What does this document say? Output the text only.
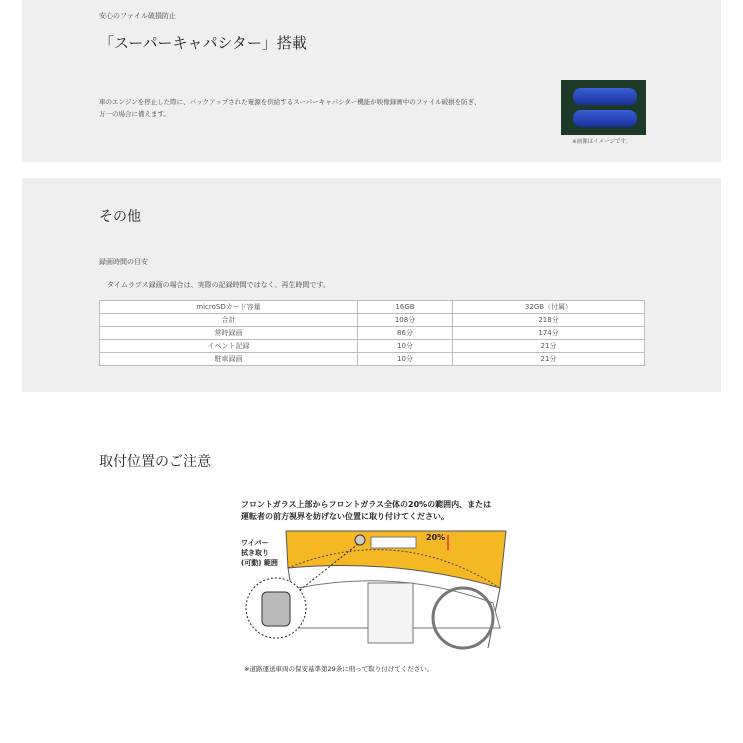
安心のファイル破損防止
「スーパーキャパシター」搭載
車のエンジンを停止した際に、バックアップされた電源を供給するスーパーキャパシター機能が映像録画中のファイル破損を防ぎ、
万一の場合に備えます。
※画像はイメージです。
その他
録画時間の目安
タイムラプス録画の場合は、実際の記録時間ではなく、再生時間です。
microSDカード容量	16GB	32GB（付属）
合計	108分	218分
常時録画	86分	174分
イベント記録	10分	21分
駐車録画	10分	21分
取付位置のご注意
フロントガラス上部からフロントガラス全体の20%の範囲内、または
運転者の前方視界を妨げない位置に取り付けてください。
20%
ワイパー
拭き取り
(可動) 範囲
※道路運送車両の保安基準第29条に則って取り付けてください。
